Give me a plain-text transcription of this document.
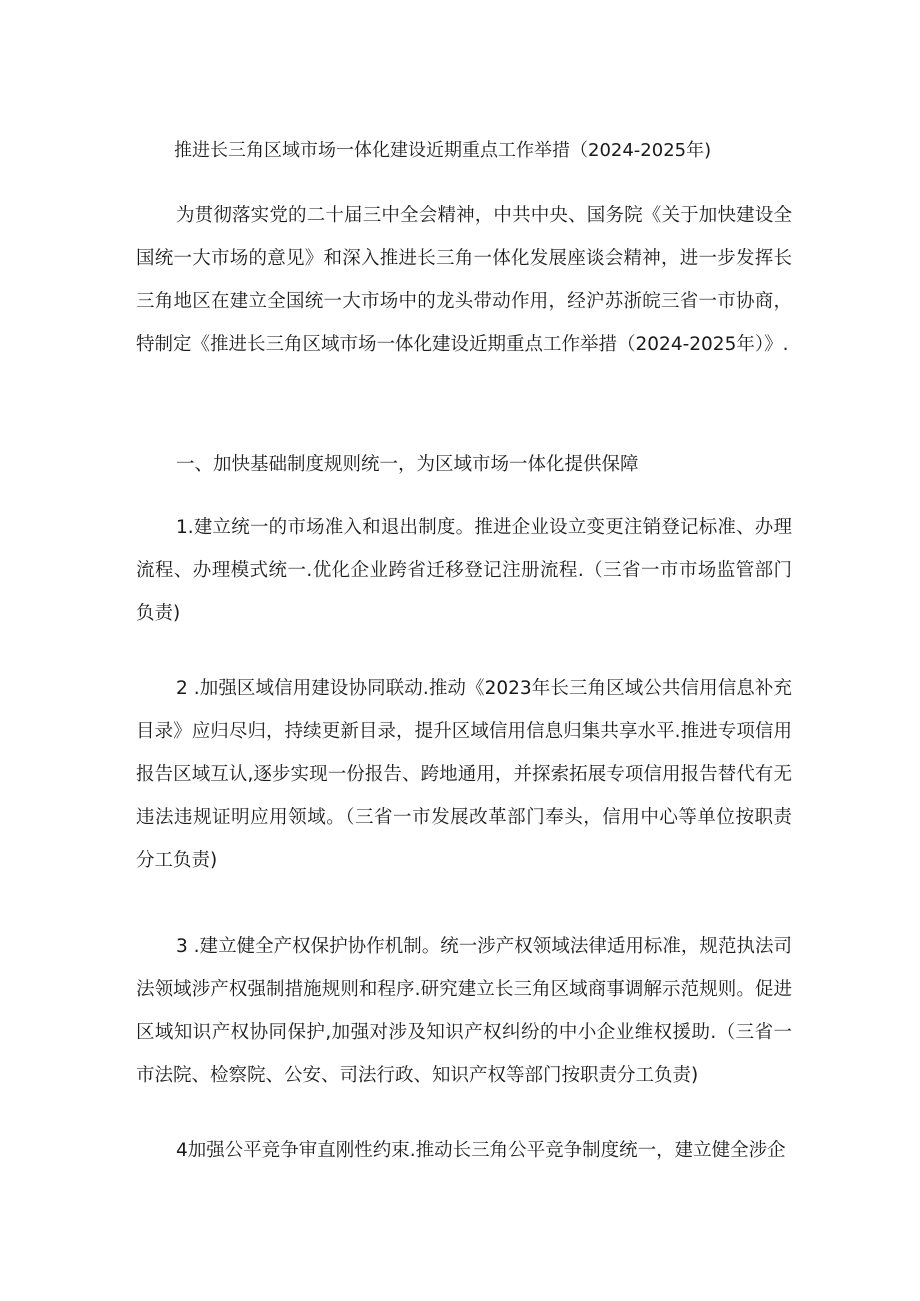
推进长三角区域市场一体化建设近期重点工作举措（2024-2025年)

为贯彻落实党的二十届三中全会精神，中共中央、国务院《关于加快建设全国统一大市场的意见》和深入推进长三角一体化发展座谈会精神，进一步发挥长三角地区在建立全国统一大市场中的龙头带动作用，经沪苏浙皖三省一市协商，特制定《推进长三角区域市场一体化建设近期重点工作举措（2024-2025年）》.

一、加快基础制度规则统一，为区域市场一体化提供保障

1.建立统一的市场准入和退出制度。推进企业设立变更注销登记标准、办理流程、办理模式统一.优化企业跨省迁移登记注册流程.（三省一市市场监管部门负责)

2 .加强区域信用建设协同联动.推动《2023年长三角区域公共信用信息补充目录》应归尽归，持续更新目录，提升区域信用信息归集共享水平.推进专项信用报告区域互认,逐步实现一份报告、跨地通用，并探索拓展专项信用报告替代有无违法违规证明应用领域。（三省一市发展改革部门奉头，信用中心等单位按职责分工负责)

3 .建立健全产权保护协作机制。统一涉产权领域法律适用标准，规范执法司法领域涉产权强制措施规则和程序.研究建立长三角区域商事调解示范规则。促进区域知识产权协同保护,加强对涉及知识产权纠纷的中小企业维权援助.（三省一市法院、检察院、公安、司法行政、知识产权等部门按职责分工负责)

4加强公平竞争审直刚性约束.推动长三角公平竞争制度统一，建立健全涉企
